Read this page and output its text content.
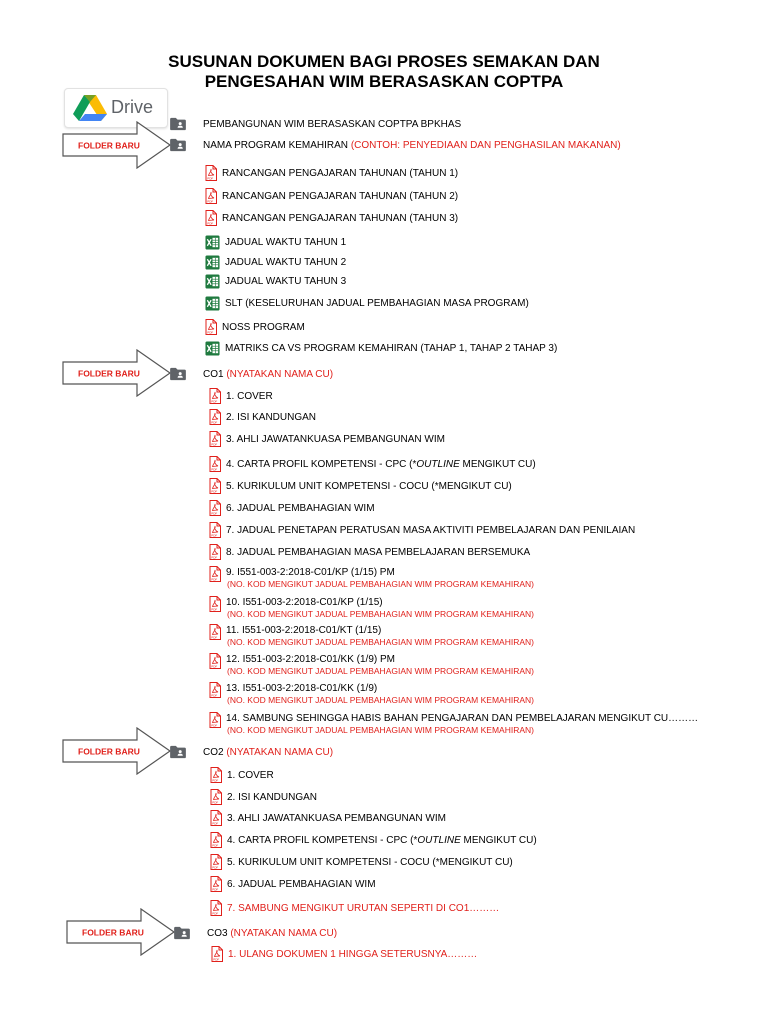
SUSUNAN DOKUMEN BAGI PROSES SEMAKAN DAN
PENGESAHAN WIM BERASASKAN COPTPA
Drive
FOLDER BARU
FOLDER BARU
FOLDER BARU
FOLDER BARU
PEMBANGUNAN WIM BERASASKAN COPTPA BPKHAS
NAMA PROGRAM KEMAHIRAN
(CONTOH: PENYEDIAAN DAN PENGHASILAN MAKANAN)
RANCANGAN PENGAJARAN TAHUNAN (TAHUN 1)
RANCANGAN PENGAJARAN TAHUNAN (TAHUN 2)
RANCANGAN PENGAJARAN TAHUNAN (TAHUN 3)
JADUAL WAKTU TAHUN 1
JADUAL WAKTU TAHUN 2
JADUAL WAKTU TAHUN 3
SLT (KESELURUHAN JADUAL PEMBAHAGIAN MASA PROGRAM)
NOSS PROGRAM
MATRIKS CA VS PROGRAM KEMAHIRAN (TAHAP 1, TAHAP 2 TAHAP 3)
CO1
(NYATAKAN NAMA CU)
1. COVER
2. ISI KANDUNGAN
3. AHLI JAWATANKUASA PEMBANGUNAN WIM
4. CARTA PROFIL KOMPETENSI - CPC (*OUTLINE MENGIKUT CU)
5. KURIKULUM UNIT KOMPETENSI - COCU (*MENGIKUT CU)
6. JADUAL PEMBAHAGIAN WIM
7. JADUAL PENETAPAN PERATUSAN MASA AKTIVITI PEMBELAJARAN DAN PENILAIAN
8. JADUAL PEMBAHAGIAN MASA PEMBELAJARAN BERSEMUKA
9. I551-003-2:2018-C01/KP (1/15) PM
(NO. KOD MENGIKUT JADUAL PEMBAHAGIAN WIM PROGRAM KEMAHIRAN)
10. I551-003-2:2018-C01/KP (1/15)
(NO. KOD MENGIKUT JADUAL PEMBAHAGIAN WIM PROGRAM KEMAHIRAN)
11. I551-003-2:2018-C01/KT (1/15)
(NO. KOD MENGIKUT JADUAL PEMBAHAGIAN WIM PROGRAM KEMAHIRAN)
12. I551-003-2:2018-C01/KK (1/9) PM
(NO. KOD MENGIKUT JADUAL PEMBAHAGIAN WIM PROGRAM KEMAHIRAN)
13. I551-003-2:2018-C01/KK (1/9)
(NO. KOD MENGIKUT JADUAL PEMBAHAGIAN WIM PROGRAM KEMAHIRAN)
14. SAMBUNG SEHINGGA HABIS BAHAN PENGAJARAN DAN PEMBELAJARAN MENGIKUT CU………
(NO. KOD MENGIKUT JADUAL PEMBAHAGIAN WIM PROGRAM KEMAHIRAN)
CO2
(NYATAKAN NAMA CU)
1. COVER
2. ISI KANDUNGAN
3. AHLI JAWATANKUASA PEMBANGUNAN WIM
4. CARTA PROFIL KOMPETENSI - CPC (*OUTLINE MENGIKUT CU)
5. KURIKULUM UNIT KOMPETENSI - COCU (*MENGIKUT CU)
6. JADUAL PEMBAHAGIAN WIM
7. SAMBUNG MENGIKUT URUTAN SEPERTI DI CO1………
CO3
(NYATAKAN NAMA CU)
1. ULANG DOKUMEN 1 HINGGA SETERUSNYA………
